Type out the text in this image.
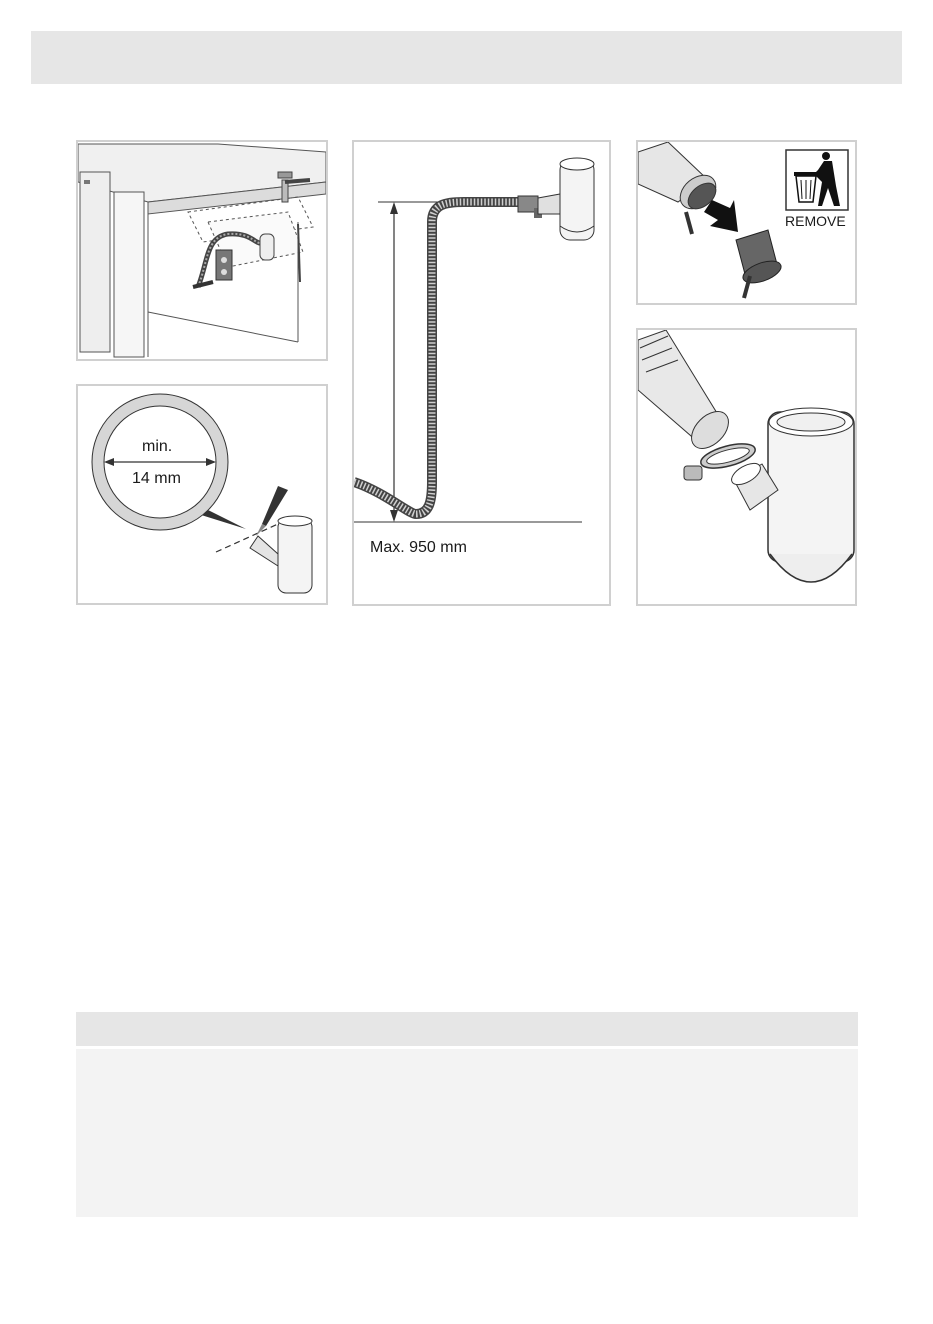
min.
14 mm
Max. 950 mm
REMOVE
